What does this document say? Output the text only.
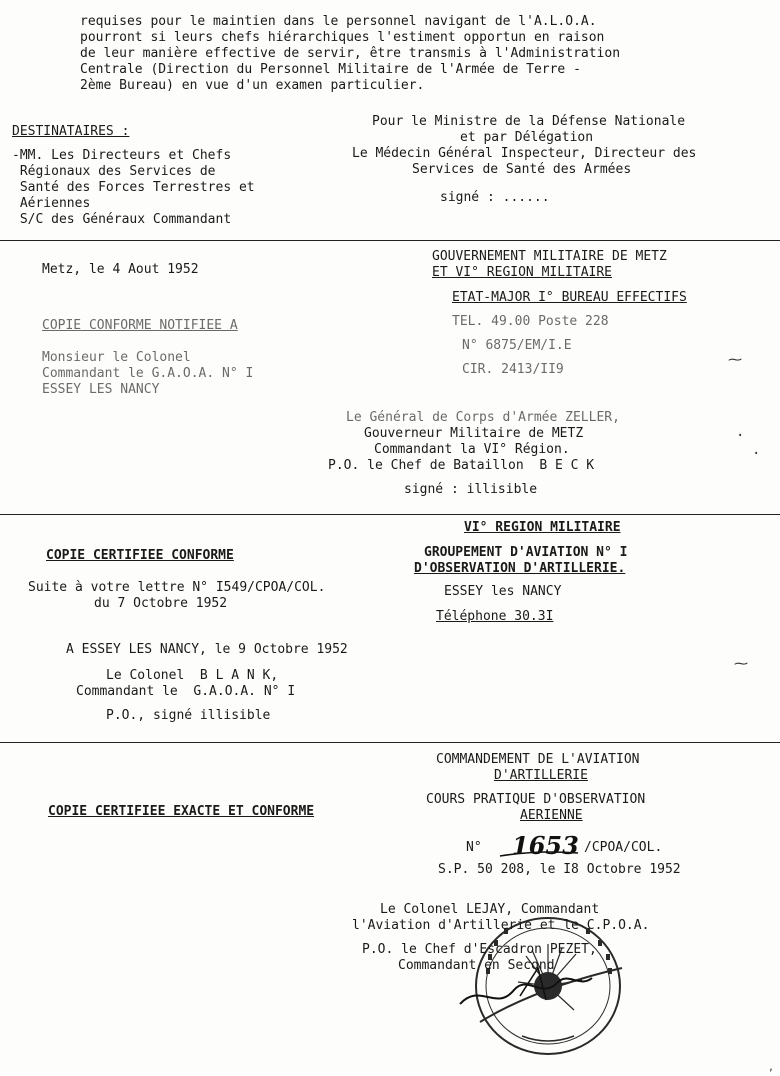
requises pour le maintien dans le personnel navigant de l'A.L.O.A.

pourront si leurs chefs hiérarchiques l'estiment opportun en raison

de leur manière effective de servir, être transmis à l'Administration

Centrale (Direction du Personnel Militaire de l'Armée de Terre -

2ème Bureau) en vue d'un examen particulier.

DESTINATAIRES :

-MM. Les Directeurs et Chefs

Régionaux des Services de

Santé des Forces Terrestres et

Aériennes

S/C des Généraux Commandant

Pour le Ministre de la Défense Nationale

et par Délégation

Le Médecin Général Inspecteur, Directeur des

Services de Santé des Armées

signé : ......

Metz, le 4 Aout 1952

GOUVERNEMENT MILITAIRE DE METZ

ET VI° REGION MILITAIRE

ETAT-MAJOR I° BUREAU EFFECTIFS

TEL. 49.00 Poste 228

N° 6875/EM/I.E

CIR. 2413/II9

COPIE CONFORME NOTIFIEE A

Monsieur le Colonel

Commandant le G.A.O.A. N° I

ESSEY LES NANCY

Le Général de Corps d'Armée ZELLER,

Gouverneur Militaire de METZ

Commandant la VI° Région.

P.O. le Chef de Bataillon  B E C K

signé : illisible

⁓
·
·

VI° REGION MILITAIRE

GROUPEMENT D'AVIATION N° I

D'OBSERVATION D'ARTILLERIE.

ESSEY les NANCY

Téléphone 30.3I

COPIE CERTIFIEE CONFORME

Suite à votre lettre N° I549/CPOA/COL.

du 7 Octobre 1952

A ESSEY LES NANCY, le 9 Octobre 1952

Le Colonel  B L A N K,

Commandant le  G.A.O.A. N° I

P.O., signé illisible

⁓

COMMANDEMENT DE L'AVIATION

D'ARTILLERIE

COURS PRATIQUE D'OBSERVATION

AERIENNE

COPIE CERTIFIEE EXACTE ET CONFORME

N° 1653 /CPOA/COL.

S.P. 50 208, le I8 Octobre 1952

Le Colonel LEJAY, Commandant

l'Aviation d'Artillerie et le C.P.O.A.

P.O. le Chef d'Escadron PEZET,

Commandant en Second

,
